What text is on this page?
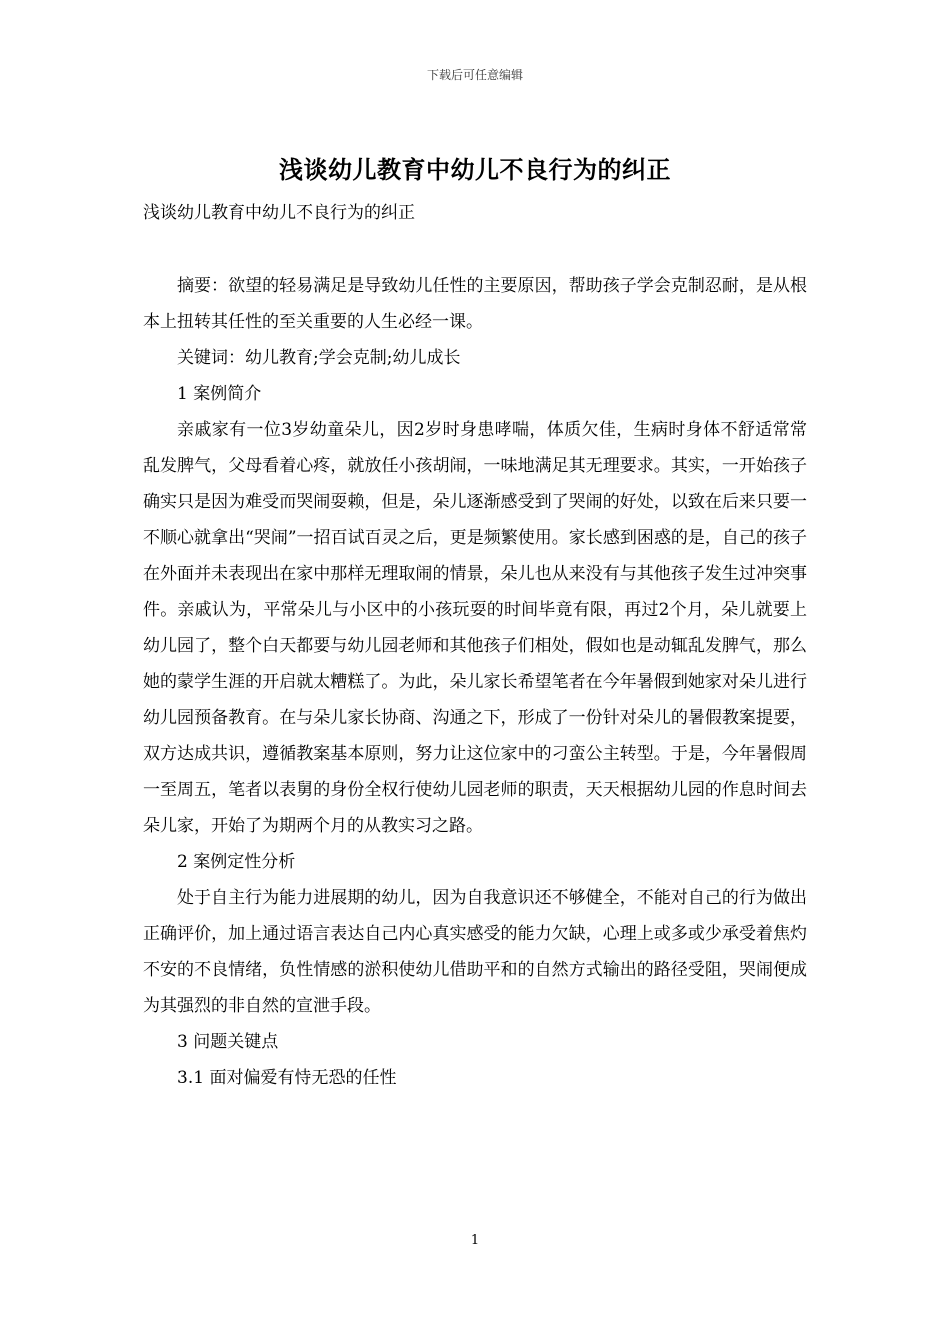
下载后可任意编辑
浅谈幼儿教育中幼儿不良行为的纠正
浅谈幼儿教育中幼儿不良行为的纠正

摘要：欲望的轻易满足是导致幼儿任性的主要原因，帮助孩子学会克制忍耐，是从根本上扭转其任性的至关重要的人生必经一课。

关键词：幼儿教育;学会克制;幼儿成长

1 案例简介

亲戚家有一位3岁幼童朵儿，因2岁时身患哮喘，体质欠佳，生病时身体不舒适常常乱发脾气，父母看着心疼，就放任小孩胡闹，一味地满足其无理要求。其实，一开始孩子确实只是因为难受而哭闹耍赖，但是，朵儿逐渐感受到了哭闹的好处，以致在后来只要一不顺心就拿出“哭闹”一招百试百灵之后，更是频繁使用。家长感到困惑的是，自己的孩子在外面并未表现出在家中那样无理取闹的情景，朵儿也从来没有与其他孩子发生过冲突事件。亲戚认为，平常朵儿与小区中的小孩玩耍的时间毕竟有限，再过2个月，朵儿就要上幼儿园了，整个白天都要与幼儿园老师和其他孩子们相处，假如也是动辄乱发脾气，那么她的蒙学生涯的开启就太糟糕了。为此，朵儿家长希望笔者在今年暑假到她家对朵儿进行幼儿园预备教育。在与朵儿家长协商、沟通之下，形成了一份针对朵儿的暑假教案提要，双方达成共识，遵循教案基本原则，努力让这位家中的刁蛮公主转型。于是，今年暑假周一至周五，笔者以表舅的身份全权行使幼儿园老师的职责，天天根据幼儿园的作息时间去朵儿家，开始了为期两个月的从教实习之路。

2 案例定性分析

处于自主行为能力进展期的幼儿，因为自我意识还不够健全，不能对自己的行为做出正确评价，加上通过语言表达自己内心真实感受的能力欠缺，心理上或多或少承受着焦灼不安的不良情绪，负性情感的淤积使幼儿借助平和的自然方式输出的路径受阻，哭闹便成为其强烈的非自然的宣泄手段。

3 问题关键点

3.1 面对偏爱有恃无恐的任性

1
